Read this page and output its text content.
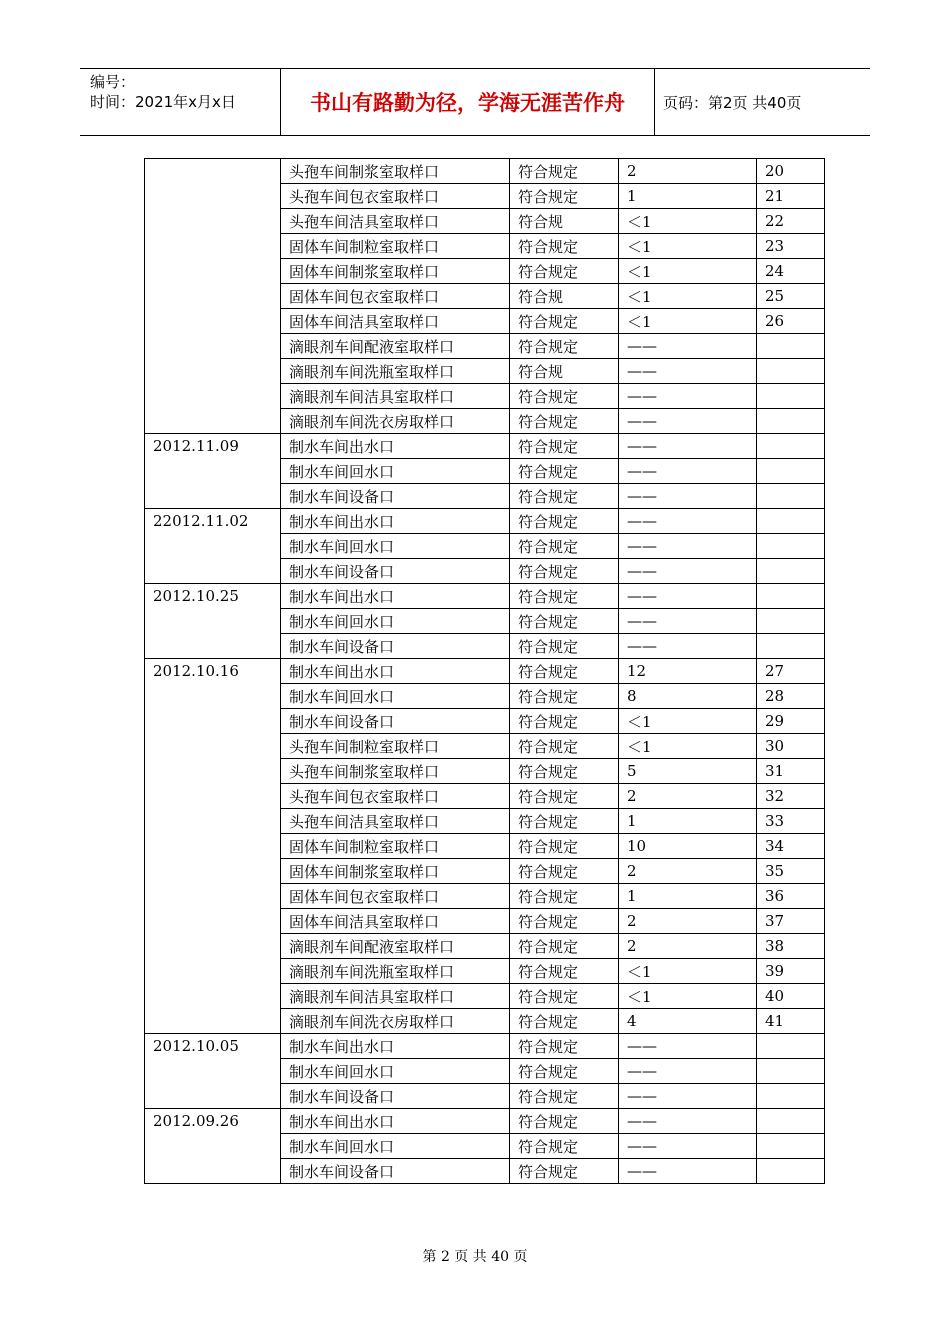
编号：
时间：2021年x月x日	书山有路勤为径，学海无涯苦作舟	页码：第2页 共40页
	头孢车间制浆室取样口	符合规定	2	20
	头孢车间包衣室取样口	符合规定	1	21
	头孢车间洁具室取样口	符合规	＜1	22
	固体车间制粒室取样口	符合规定	＜1	23
	固体车间制浆室取样口	符合规定	＜1	24
	固体车间包衣室取样口	符合规	＜1	25
	固体车间洁具室取样口	符合规定	＜1	26
	滴眼剂车间配液室取样口	符合规定	——	
	滴眼剂车间洗瓶室取样口	符合规	——	
	滴眼剂车间洁具室取样口	符合规定	——	
	滴眼剂车间洗衣房取样口	符合规定	——	
2012.11.09	制水车间出水口	符合规定	——	
	制水车间回水口	符合规定	——	
	制水车间设备口	符合规定	——	
22012.11.02	制水车间出水口	符合规定	——	
	制水车间回水口	符合规定	——	
	制水车间设备口	符合规定	——	
2012.10.25	制水车间出水口	符合规定	——	
	制水车间回水口	符合规定	——	
	制水车间设备口	符合规定	——	
2012.10.16	制水车间出水口	符合规定	12	27
	制水车间回水口	符合规定	8	28
	制水车间设备口	符合规定	＜1	29
	头孢车间制粒室取样口	符合规定	＜1	30
	头孢车间制浆室取样口	符合规定	5	31
	头孢车间包衣室取样口	符合规定	2	32
	头孢车间洁具室取样口	符合规定	1	33
	固体车间制粒室取样口	符合规定	10	34
	固体车间制浆室取样口	符合规定	2	35
	固体车间包衣室取样口	符合规定	1	36
	固体车间洁具室取样口	符合规定	2	37
	滴眼剂车间配液室取样口	符合规定	2	38
	滴眼剂车间洗瓶室取样口	符合规定	＜1	39
	滴眼剂车间洁具室取样口	符合规定	＜1	40
	滴眼剂车间洗衣房取样口	符合规定	4	41
2012.10.05	制水车间出水口	符合规定	——	
	制水车间回水口	符合规定	——	
	制水车间设备口	符合规定	——	
2012.09.26	制水车间出水口	符合规定	——	
	制水车间回水口	符合规定	——	
	制水车间设备口	符合规定	——	
第 2 页 共 40 页
